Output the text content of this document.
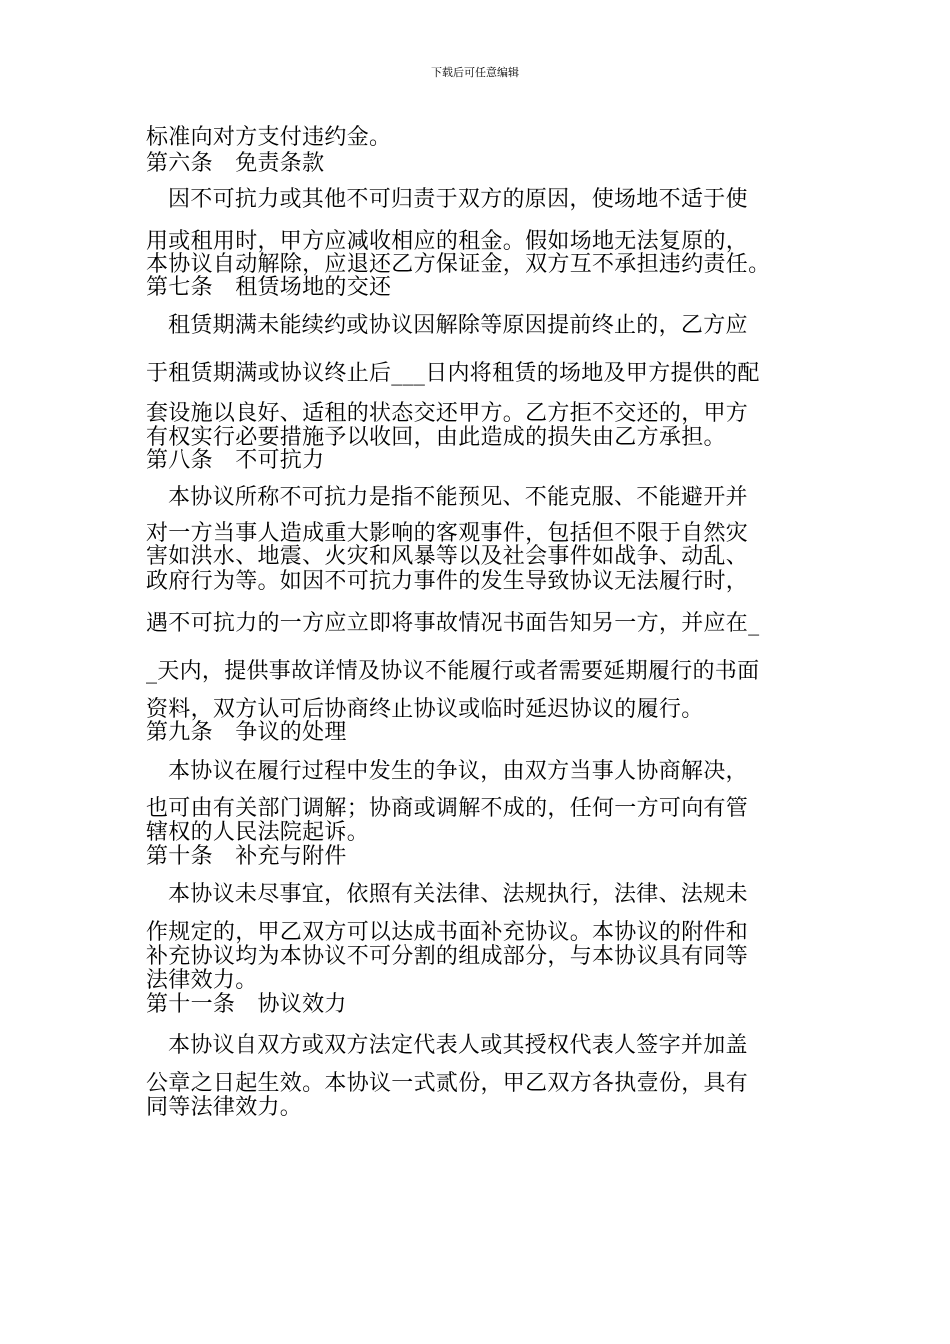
下载后可任意编辑
标准向对方支付违约金。
第六条　免责条款
因不可抗力或其他不可归责于双方的原因，使场地不适于使
用或租用时，甲方应减收相应的租金。假如场地无法复原的，
本协议自动解除，应退还乙方保证金，双方互不承担违约责任。
第七条　租赁场地的交还
租赁期满未能续约或协议因解除等原因提前终止的，乙方应
于租赁期满或协议终止后___日内将租赁的场地及甲方提供的配
套设施以良好、适租的状态交还甲方。乙方拒不交还的，甲方
有权实行必要措施予以收回，由此造成的损失由乙方承担。
第八条　不可抗力
本协议所称不可抗力是指不能预见、不能克服、不能避开并
对一方当事人造成重大影响的客观事件，包括但不限于自然灾
害如洪水、地震、火灾和风暴等以及社会事件如战争、动乱、
政府行为等。如因不可抗力事件的发生导致协议无法履行时，
遇不可抗力的一方应立即将事故情况书面告知另一方，并应在_
_天内，提供事故详情及协议不能履行或者需要延期履行的书面
资料，双方认可后协商终止协议或临时延迟协议的履行。
第九条　争议的处理
本协议在履行过程中发生的争议，由双方当事人协商解决，
也可由有关部门调解；协商或调解不成的，任何一方可向有管
辖权的人民法院起诉。
第十条　补充与附件
本协议未尽事宜，依照有关法律、法规执行，法律、法规未
作规定的，甲乙双方可以达成书面补充协议。本协议的附件和
补充协议均为本协议不可分割的组成部分，与本协议具有同等
法律效力。
第十一条　协议效力
本协议自双方或双方法定代表人或其授权代表人签字并加盖
公章之日起生效。本协议一式贰份，甲乙双方各执壹份，具有
同等法律效力。
